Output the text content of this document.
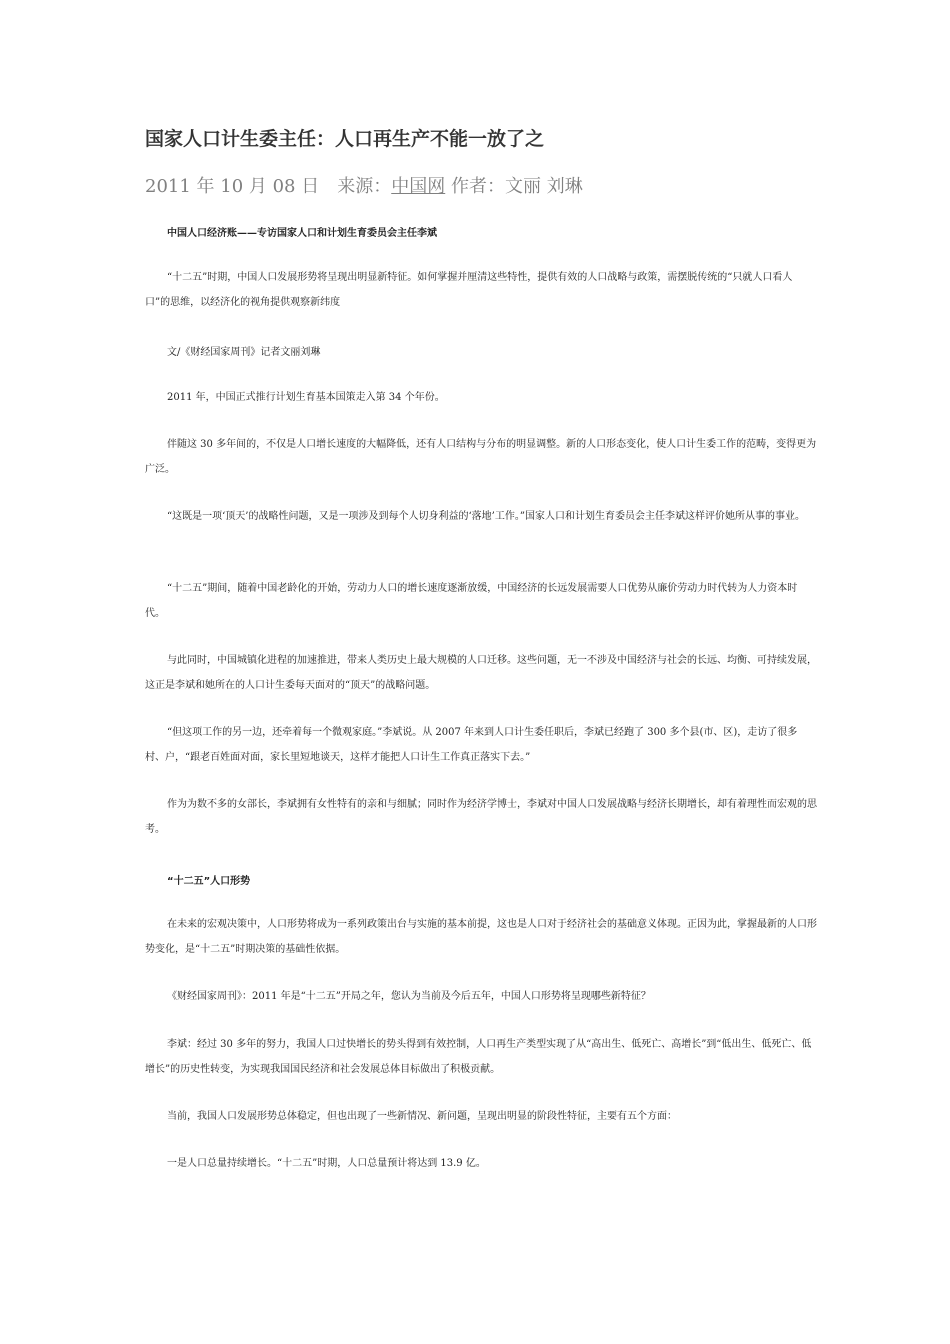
国家人口计生委主任：人口再生产不能一放了之
2011 年 10 月 08 日 来源：中国网 作者：文丽 刘琳

中国人口经济账——专访国家人口和计划生育委员会主任李斌

“十二五”时期，中国人口发展形势将呈现出明显新特征。如何掌握并厘清这些特性，提供有效的人口战略与政策，需摆脱传统的“只就人口看人口”的思维，以经济化的视角提供观察新纬度

文/《财经国家周刊》记者文丽刘琳

2011 年，中国正式推行计划生育基本国策走入第 34 个年份。

伴随这 30 多年间的，不仅是人口增长速度的大幅降低，还有人口结构与分布的明显调整。新的人口形态变化，使人口计生委工作的范畴，变得更为广泛。

“这既是一项‘顶天’的战略性问题，又是一项涉及到每个人切身利益的‘落地’工作。”国家人口和计划生育委员会主任李斌这样评价她所从事的事业。

“十二五”期间，随着中国老龄化的开始，劳动力人口的增长速度逐渐放缓，中国经济的长远发展需要人口优势从廉价劳动力时代转为人力资本时代。

与此同时，中国城镇化进程的加速推进，带来人类历史上最大规模的人口迁移。这些问题，无一不涉及中国经济与社会的长远、均衡、可持续发展，这正是李斌和她所在的人口计生委每天面对的“顶天”的战略问题。

“但这项工作的另一边，还牵着每一个微观家庭。”李斌说。从 2007 年来到人口计生委任职后，李斌已经跑了 300 多个县(市、区)，走访了很多村、户，“跟老百姓面对面，家长里短地谈天，这样才能把人口计生工作真正落实下去。”

作为为数不多的女部长，李斌拥有女性特有的亲和与细腻；同时作为经济学博士，李斌对中国人口发展战略与经济长期增长，却有着理性而宏观的思考。

“十二五”人口形势

在未来的宏观决策中，人口形势将成为一系列政策出台与实施的基本前提，这也是人口对于经济社会的基础意义体现。正因为此，掌握最新的人口形势变化，是“十二五”时期决策的基础性依据。

《财经国家周刊》：2011 年是“十二五”开局之年，您认为当前及今后五年，中国人口形势将呈现哪些新特征？

李斌：经过 30 多年的努力，我国人口过快增长的势头得到有效控制，人口再生产类型实现了从“高出生、低死亡、高增长”到“低出生、低死亡、低增长”的历史性转变，为实现我国国民经济和社会发展总体目标做出了积极贡献。

当前，我国人口发展形势总体稳定，但也出现了一些新情况、新问题，呈现出明显的阶段性特征，主要有五个方面：

一是人口总量持续增长。“十二五”时期，人口总量预计将达到 13.9 亿。
